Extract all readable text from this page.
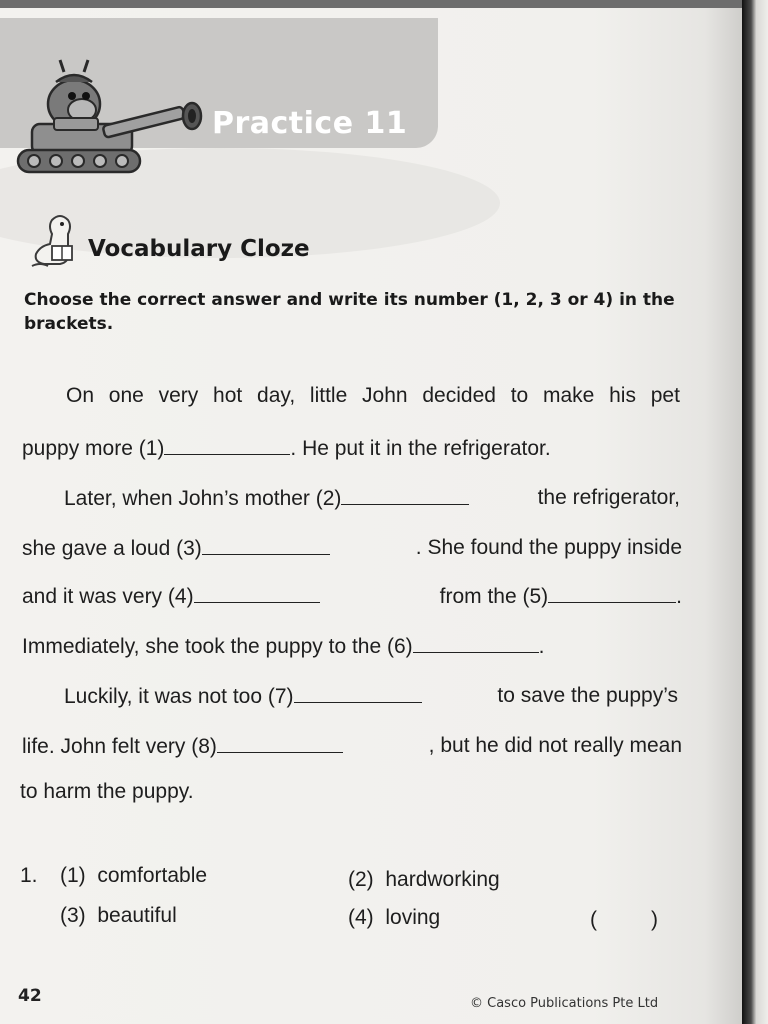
Practice 11
Vocabulary Cloze
Choose the correct answer and write its number (1, 2, 3 or 4) in the brackets.
On one very hot day, little John decided to make his pet
puppy more (1)	. He put it in the refrigerator.
Later, when John’s mother (2)	the refrigerator,
she gave a loud (3)	. She found the puppy inside
and it was very (4)	from the (5)	.
Immediately, she took the puppy to the (6)	.
Luckily, it was not too (7)	to save the puppy’s
life. John felt very (8)	, but he did not really mean
to harm the puppy.
1. (1) comfortable	(2) hardworking
(3) beautiful	(4) loving	(	)
42	© Casco Publications Pte Ltd
